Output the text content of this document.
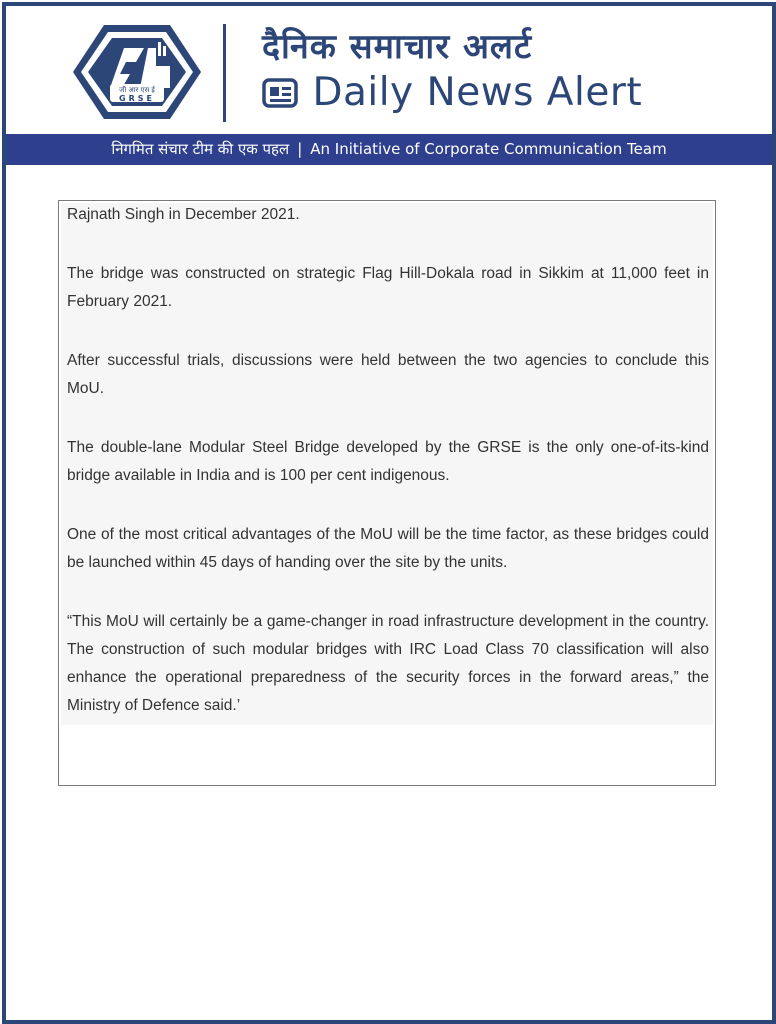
जी आर एस ई
GRSE
दैनिक समाचार अलर्ट
Daily News Alert
निगमित संचार टीम की एक पहल | An Initiative of Corporate Communication Team

Rajnath Singh in December 2021.

The bridge was constructed on strategic Flag Hill-Dokala road in Sikkim at 11,000 feet in February 2021.

After successful trials, discussions were held between the two agencies to conclude this MoU.

The double-lane Modular Steel Bridge developed by the GRSE is the only one-of-its-kind bridge available in India and is 100 per cent indigenous.

One of the most critical advantages of the MoU will be the time factor, as these bridges could be launched within 45 days of handing over the site by the units.

“This MoU will certainly be a game-changer in road infrastructure development in the country. The construction of such modular bridges with IRC Load Class 70 classification will also enhance the operational preparedness of the security forces in the forward areas,” the Ministry of Defence said.’
